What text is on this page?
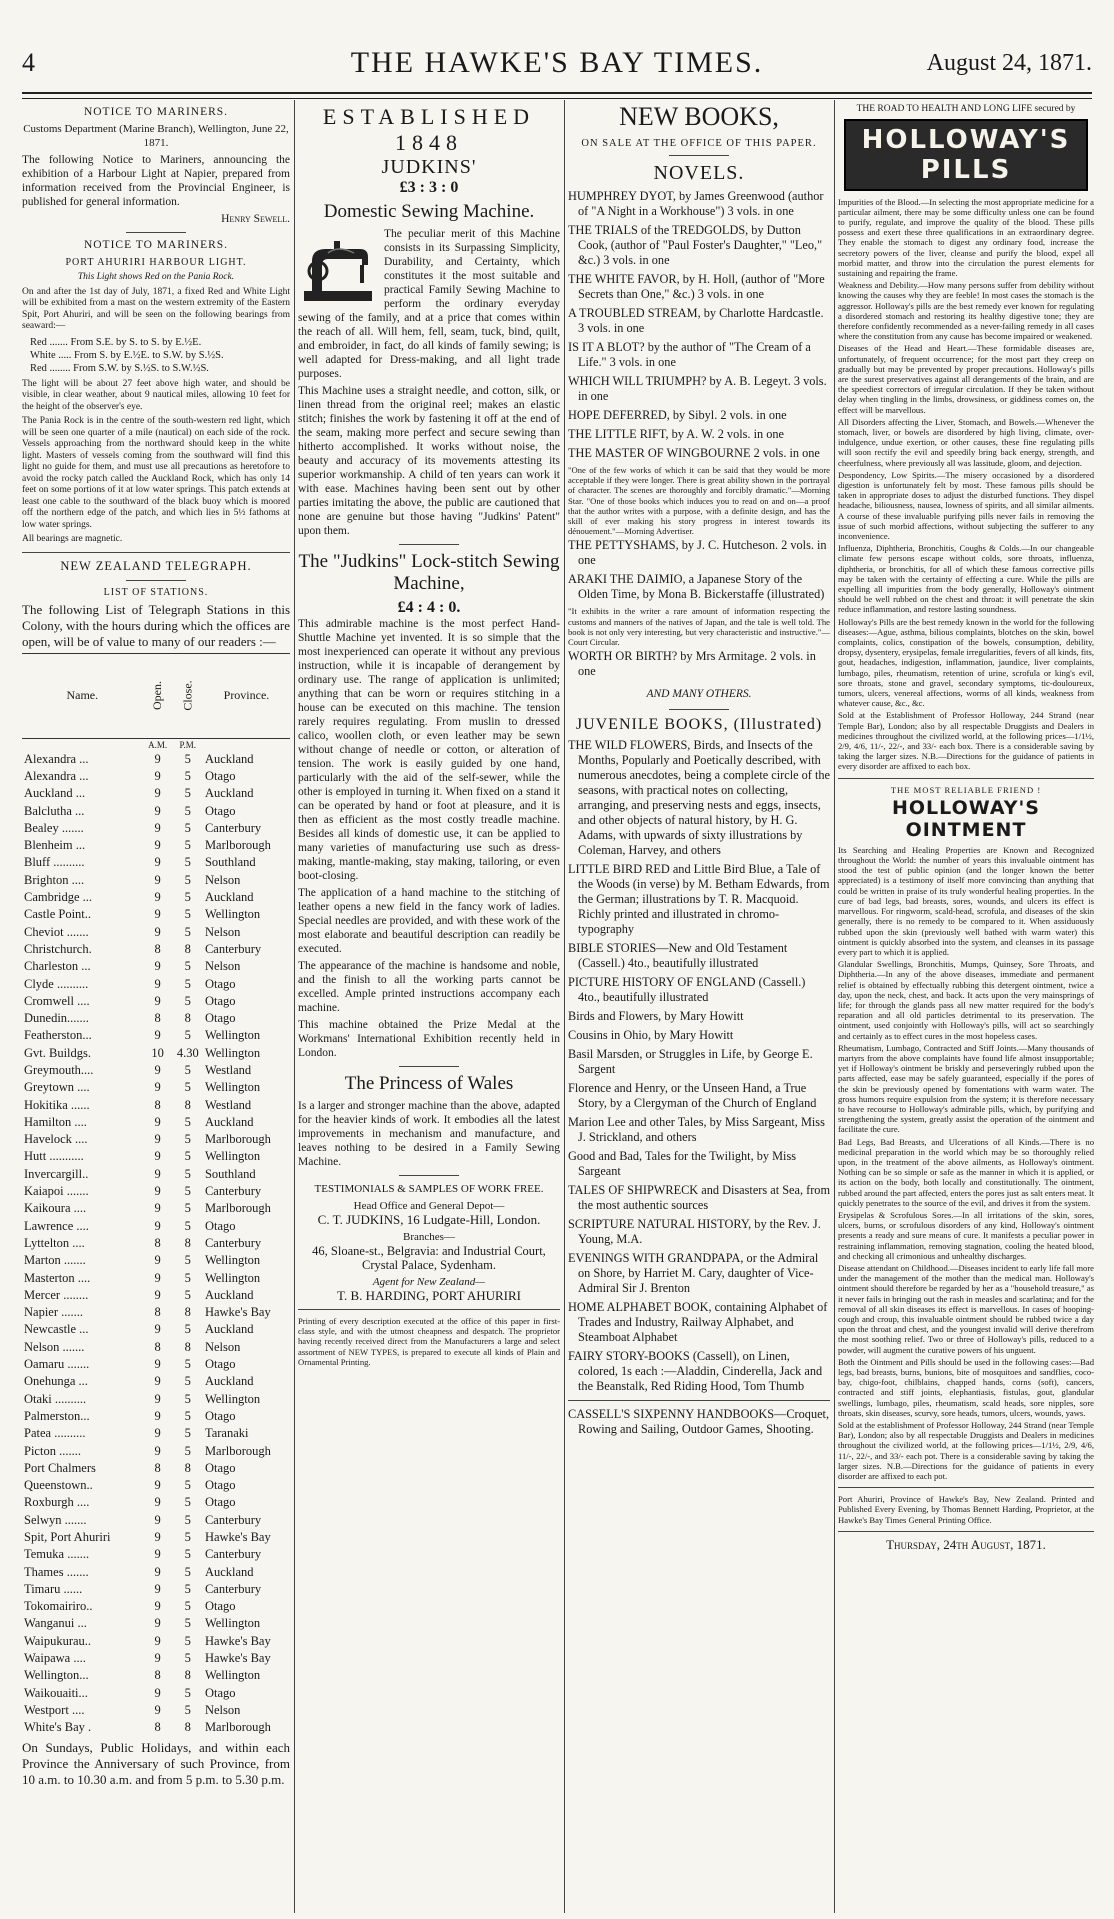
4	THE HAWKE'S BAY TIMES.	August 24, 1871.
NOTICE TO MARINERS.

Customs Department (Marine Branch), Wellington, June 22, 1871.

The following Notice to Mariners, announcing the exhibition of a Harbour Light at Napier, prepared from information received from the Provincial Engineer, is published for general information.

Henry Sewell.

NOTICE TO MARINERS.
PORT AHURIRI HARBOUR LIGHT.

This Light shows Red on the Pania Rock.

On and after the 1st day of July, 1871, a fixed Red and White Light will be exhibited from a mast on the western extremity of the Eastern Spit, Port Ahuriri, and will be seen on the following bearings from seaward:—

Red ....... From S.E. by S. to S. by E.½E.
White ..... From S. by E.½E. to S.W. by S.½S.
Red ........ From S.W. by S.½S. to S.W.½S.

The light will be about 27 feet above high water, and should be visible, in clear weather, about 9 nautical miles, allowing 10 feet for the height of the observer's eye.

The Pania Rock is in the centre of the south-western red light, which will be seen one quarter of a mile (nautical) on each side of the rock. Vessels approaching from the northward should keep in the white light. Masters of vessels coming from the southward will find this light no guide for them, and must use all precautions as heretofore to avoid the rocky patch called the Auckland Rock, which has only 14 feet on some portions of it at low water springs. This patch extends at least one cable to the southward of the black buoy which is moored off the northern edge of the patch, and which lies in 5½ fathoms at low water springs.

All bearings are magnetic.

NEW ZEALAND TELEGRAPH.
LIST OF STATIONS.

The following List of Telegraph Stations in this Colony, with the hours during which the offices are open, will be of value to many of our readers :—

Name.	Open.	Close.	Province.
	A.M.	P.M.	
Alexandra ...	9	5	Auckland
Alexandra ...	9	5	Otago
Auckland ...	9	5	Auckland
Balclutha ...	9	5	Otago
Bealey .......	9	5	Canterbury
Blenheim ...	9	5	Marlborough
Bluff ..........	9	5	Southland
Brighton ....	9	5	Nelson
Cambridge ...	9	5	Auckland
Castle Point..	9	5	Wellington
Cheviot .......	9	5	Nelson
Christchurch.	8	8	Canterbury
Charleston ...	9	5	Nelson
Clyde ..........	9	5	Otago
Cromwell ....	9	5	Otago
Dunedin.......	8	8	Otago
Featherston...	9	5	Wellington
Gvt. Buildgs.	10	4.30	Wellington
Greymouth....	9	5	Westland
Greytown ....	9	5	Wellington
Hokitika ......	8	8	Westland
Hamilton ....	9	5	Auckland
Havelock ....	9	5	Marlborough
Hutt ...........	9	5	Wellington
Invercargill..	9	5	Southland
Kaiapoi .......	9	5	Canterbury
Kaikoura ....	9	5	Marlborough
Lawrence ....	9	5	Otago
Lyttelton ....	8	8	Canterbury
Marton .......	9	5	Wellington
Masterton ....	9	5	Wellington
Mercer ........	9	5	Auckland
Napier .......	8	8	Hawke's Bay
Newcastle ...	9	5	Auckland
Nelson .......	8	8	Nelson
Oamaru .......	9	5	Otago
Onehunga ...	9	5	Auckland
Otaki ..........	9	5	Wellington
Palmerston...	9	5	Otago
Patea ..........	9	5	Taranaki
Picton .......	9	5	Marlborough
Port Chalmers	8	8	Otago
Queenstown..	9	5	Otago
Roxburgh ....	9	5	Otago
Selwyn .......	9	5	Canterbury
Spit, Port Ahuriri	9	5	Hawke's Bay
Temuka .......	9	5	Canterbury
Thames .......	9	5	Auckland
Timaru ......	9	5	Canterbury
Tokomairiro..	9	5	Otago
Wanganui ...	9	5	Wellington
Waipukurau..	9	5	Hawke's Bay
Waipawa ....	9	5	Hawke's Bay
Wellington...	8	8	Wellington
Waikouaiti...	9	5	Otago
Westport ....	9	5	Nelson
White's Bay .	8	8	Marlborough

On Sundays, Public Holidays, and within each Province the Anniversary of such Province, from 10 a.m. to 10.30 a.m. and from 5 p.m. to 5.30 p.m.

ESTABLISHED 1848
JUDKINS'
£3 : 3 : 0
Domestic Sewing Machine.

The peculiar merit of this Machine consists in its Surpassing Simplicity, Durability, and Certainty, which constitutes it the most suitable and practical Family Sewing Machine to perform the ordinary everyday sewing of the family, and at a price that comes within the reach of all. Will hem, fell, seam, tuck, bind, quilt, and embroider, in fact, do all kinds of family sewing; is well adapted for Dress-making, and all light trade purposes.

This Machine uses a straight needle, and cotton, silk, or linen thread from the original reel; makes an elastic stitch; finishes the work by fastening it off at the end of the seam, making more perfect and secure sewing than hitherto accomplished. It works without noise, the beauty and accuracy of its movements attesting its superior workmanship. A child of ten years can work it with ease. Machines having been sent out by other parties imitating the above, the public are cautioned that none are genuine but those having "Judkins' Patent" upon them.

The "Judkins" Lock-stitch Sewing Machine,
£4 : 4 : 0.

This admirable machine is the most perfect Hand-Shuttle Machine yet invented. It is so simple that the most inexperienced can operate it without any previous instruction, while it is incapable of derangement by ordinary use. The range of application is unlimited; anything that can be worn or requires stitching in a house can be executed on this machine. The tension rarely requires regulating. From muslin to dressed calico, woollen cloth, or even leather may be sewn without change of needle or cotton, or alteration of tension. The work is easily guided by one hand, particularly with the aid of the self-sewer, while the other is employed in turning it. When fixed on a stand it can be operated by hand or foot at pleasure, and it is then as efficient as the most costly treadle machine. Besides all kinds of domestic use, it can be applied to many varieties of manufacturing use such as dress-making, mantle-making, stay making, tailoring, or even boot-closing.

The application of a hand machine to the stitching of leather opens a new field in the fancy work of ladies. Special needles are provided, and with these work of the most elaborate and beautiful description can readily be executed.

The appearance of the machine is handsome and noble, and the finish to all the working parts cannot be excelled. Ample printed instructions accompany each machine.

This machine obtained the Prize Medal at the Workmans' International Exhibition recently held in London.

The Princess of Wales

Is a larger and stronger machine than the above, adapted for the heavier kinds of work. It embodies all the latest improvements in mechanism and manufacture, and leaves nothing to be desired in a Family Sewing Machine.

TESTIMONIALS & SAMPLES OF WORK FREE.

Head Office and General Depot—

C. T. JUDKINS, 16 Ludgate-Hill, London.

Branches—

46, Sloane-st., Belgravia: and Industrial Court, Crystal Palace, Sydenham.

Agent for New Zealand—

T. B. HARDING, PORT AHURIRI

Printing of every description executed at the office of this paper in first-class style, and with the utmost cheapness and despatch. The proprietor having recently received direct from the Manufacturers a large and select assortment of NEW TYPES, is prepared to execute all kinds of Plain and Ornamental Printing.

NEW BOOKS,
ON SALE AT THE OFFICE OF THIS PAPER.
NOVELS.

HUMPHREY DYOT, by James Greenwood (author of "A Night in a Workhouse") 3 vols. in one

THE TRIALS of the TREDGOLDS, by Dutton Cook, (author of "Paul Foster's Daughter," "Leo," &c.) 3 vols. in one

THE WHITE FAVOR, by H. Holl, (author of "More Secrets than One," &c.) 3 vols. in one

A TROUBLED STREAM, by Charlotte Hardcastle. 3 vols. in one

IS IT A BLOT? by the author of "The Cream of a Life." 3 vols. in one

WHICH WILL TRIUMPH? by A. B. Legeyt. 3 vols. in one

HOPE DEFERRED, by Sibyl. 2 vols. in one

THE LITTLE RIFT, by A. W. 2 vols. in one

THE MASTER OF WINGBOURNE 2 vols. in one

"One of the few works of which it can be said that they would be more acceptable if they were longer. There is great ability shown in the portrayal of character. The scenes are thoroughly and forcibly dramatic."—Morning Star. "One of those books which induces you to read on and on—a proof that the author writes with a purpose, with a definite design, and has the skill of ever making his story progress in interest towards its dénouement."—Morning Advertiser.

THE PETTYSHAMS, by J. C. Hutcheson. 2 vols. in one

ARAKI THE DAIMIO, a Japanese Story of the Olden Time, by Mona B. Bickerstaffe (illustrated)

"It exhibits in the writer a rare amount of information respecting the customs and manners of the natives of Japan, and the tale is well told. The book is not only very interesting, but very characteristic and instructive."—Court Circular.

WORTH OR BIRTH? by Mrs Armitage. 2 vols. in one

AND MANY OTHERS.

JUVENILE BOOKS, (Illustrated)

THE WILD FLOWERS, Birds, and Insects of the Months, Popularly and Poetically described, with numerous anecdotes, being a complete circle of the seasons, with practical notes on collecting, arranging, and preserving nests and eggs, insects, and other objects of natural history, by H. G. Adams, with upwards of sixty illustrations by Coleman, Harvey, and others

LITTLE BIRD RED and Little Bird Blue, a Tale of the Woods (in verse) by M. Betham Edwards, from the German; illustrations by T. R. Macquoid. Richly printed and illustrated in chromo-typography

BIBLE STORIES—New and Old Testament (Cassell.) 4to., beautifully illustrated

PICTURE HISTORY OF ENGLAND (Cassell.) 4to., beautifully illustrated

Birds and Flowers, by Mary Howitt

Cousins in Ohio, by Mary Howitt

Basil Marsden, or Struggles in Life, by George E. Sargent

Florence and Henry, or the Unseen Hand, a True Story, by a Clergyman of the Church of England

Marion Lee and other Tales, by Miss Sargeant, Miss J. Strickland, and others

Good and Bad, Tales for the Twilight, by Miss Sargeant

TALES OF SHIPWRECK and Disasters at Sea, from the most authentic sources

SCRIPTURE NATURAL HISTORY, by the Rev. J. Young, M.A.

EVENINGS WITH GRANDPAPA, or the Admiral on Shore, by Harriet M. Cary, daughter of Vice-Admiral Sir J. Brenton

HOME ALPHABET BOOK, containing Alphabet of Trades and Industry, Railway Alphabet, and Steamboat Alphabet

FAIRY STORY-BOOKS (Cassell), on Linen, colored, 1s each :—Aladdin, Cinderella, Jack and the Beanstalk, Red Riding Hood, Tom Thumb

CASSELL'S SIXPENNY HANDBOOKS—Croquet, Rowing and Sailing, Outdoor Games, Shooting.

THE ROAD TO HEALTH AND LONG LIFE secured by

HOLLOWAY'S PILLS

Impurities of the Blood.—In selecting the most appropriate medicine for a particular ailment, there may be some difficulty unless one can be found to purify, regulate, and improve the quality of the blood. These pills possess and exert these three qualifications in an extraordinary degree. They enable the stomach to digest any ordinary food, increase the secretory powers of the liver, cleanse and purify the blood, expel all morbid matter, and throw into the circulation the purest elements for sustaining and repairing the frame.

Weakness and Debility.—How many persons suffer from debility without knowing the causes why they are feeble! In most cases the stomach is the aggressor. Holloway's pills are the best remedy ever known for regulating a disordered stomach and restoring its healthy digestive tone; they are therefore confidently recommended as a never-failing remedy in all cases where the constitution from any cause has become impaired or weakened.

Diseases of the Head and Heart.—These formidable diseases are, unfortunately, of frequent occurrence; for the most part they creep on gradually but may be prevented by proper precautions. Holloway's pills are the surest preservatives against all derangements of the brain, and are the speediest correctors of irregular circulation. If they be taken without delay when tingling in the limbs, drowsiness, or giddiness comes on, the effect will be marvellous.

All Disorders affecting the Liver, Stomach, and Bowels.—Whenever the stomach, liver, or bowels are disordered by high living, climate, over-indulgence, undue exertion, or other causes, these fine regulating pills will soon rectify the evil and speedily bring back energy, strength, and cheerfulness, where previously all was lassitude, gloom, and dejection.

Despondency, Low Spirits.—The misery occasioned by a disordered digestion is unfortunately felt by most. These famous pills should be taken in appropriate doses to adjust the disturbed functions. They dispel headache, biliousness, nausea, lowness of spirits, and all similar ailments. A course of these invaluable purifying pills never fails in removing the issue of such morbid affections, without subjecting the sufferer to any inconvenience.

Influenza, Diphtheria, Bronchitis, Coughs & Colds.—In our changeable climate few persons escape without colds, sore throats, influenza, diphtheria, or bronchitis, for all of which these famous corrective pills may be taken with the certainty of effecting a cure. While the pills are expelling all impurities from the body generally, Holloway's ointment should be well rubbed on the chest and throat: it will penetrate the skin reduce inflammation, and restore lasting soundness.

Holloway's Pills are the best remedy known in the world for the following diseases:—Ague, asthma, bilious complaints, blotches on the skin, bowel complaints, colics, constipation of the bowels, consumption, debility, dropsy, dysentery, erysipelas, female irregularities, fevers of all kinds, fits, gout, headaches, indigestion, inflammation, jaundice, liver complaints, lumbago, piles, rheumatism, retention of urine, scrofula or king's evil, sore throats, stone and gravel, secondary symptoms, tic-douloureux, tumors, ulcers, venereal affections, worms of all kinds, weakness from whatever cause, &c., &c.

Sold at the Establishment of Professor Holloway, 244 Strand (near Temple Bar), London; also by all respectable Druggists and Dealers in medicines throughout the civilized world, at the following prices—1/1½, 2/9, 4/6, 11/-, 22/-, and 33/- each box. There is a considerable saving by taking the larger sizes. N.B.—Directions for the guidance of patients in every disorder are affixed to each box.

THE MOST RELIABLE FRIEND !

HOLLOWAY'S OINTMENT

Its Searching and Healing Properties are Known and Recognized throughout the World: the number of years this invaluable ointment has stood the test of public opinion (and the longer known the better appreciated) is a testimony of itself more convincing than anything that could be written in praise of its truly wonderful healing properties. In the cure of bad legs, bad breasts, sores, wounds, and ulcers its effect is marvellous. For ringworm, scald-head, scrofula, and diseases of the skin generally, there is no remedy to be compared to it. When assiduously rubbed upon the skin (previously well bathed with warm water) this ointment is quickly absorbed into the system, and cleanses in its passage every part to which it is applied.

Glandular Swellings, Bronchitis, Mumps, Quinsey, Sore Throats, and Diphtheria.—In any of the above diseases, immediate and permanent relief is obtained by effectually rubbing this detergent ointment, twice a day, upon the neck, chest, and back. It acts upon the very mainsprings of life; for through the glands pass all new matter required for the body's reparation and all old particles detrimental to its preservation. The ointment, used conjointly with Holloway's pills, will act so searchingly and certainly as to effect cures in the most hopeless cases.

Rheumatism, Lumbago, Contracted and Stiff Joints.—Many thousands of martyrs from the above complaints have found life almost insupportable; yet if Holloway's ointment be briskly and perseveringly rubbed upon the parts affected, ease may be safely guaranteed, especially if the pores of the skin be previously opened by fomentations with warm water. The gross humors require expulsion from the system; it is therefore necessary to have recourse to Holloway's admirable pills, which, by purifying and strengthening the system, greatly assist the operation of the ointment and facilitate the cure.

Bad Legs, Bad Breasts, and Ulcerations of all Kinds.—There is no medicinal preparation in the world which may be so thoroughly relied upon, in the treatment of the above ailments, as Holloway's ointment. Nothing can be so simple or safe as the manner in which it is applied, or its action on the body, both locally and constitutionally. The ointment, rubbed around the part affected, enters the pores just as salt enters meat. It quickly penetrates to the source of the evil, and drives it from the system.

Erysipelas & Scrofulous Sores.—In all irritations of the skin, sores, ulcers, burns, or scrofulous disorders of any kind, Holloway's ointment presents a ready and sure means of cure. It manifests a peculiar power in restraining inflammation, removing stagnation, cooling the heated blood, and checking all crimonious and unhealthy discharges.

Disease attendant on Childhood.—Diseases incident to early life fall more under the management of the mother than the medical man. Holloway's ointment should therefore be regarded by her as a "household treasure," as it never fails in bringing out the rash in measles and scarlatina; and for the removal of all skin diseases its effect is marvellous. In cases of hooping-cough and croup, this invaluable ointment should be rubbed twice a day upon the throat and chest, and the youngest invalid will derive therefrom the most soothing relief. Two or three of Holloway's pills, reduced to a powder, will augment the curative powers of his unguent.

Both the Ointment and Pills should be used in the following cases:—Bad legs, bad breasts, burns, bunions, bite of mosquitoes and sandflies, coco-bay, chigo-foot, chilblains, chapped hands, corns (soft), cancers, contracted and stiff joints, elephantiasis, fistulas, gout, glandular swellings, lumbago, piles, rheumatism, scald heads, sore nipples, sore throats, skin diseases, scurvy, sore heads, tumors, ulcers, wounds, yaws.

Sold at the establishment of Professor Holloway, 244 Strand (near Temple Bar), London; also by all respectable Druggists and Dealers in medicines throughout the civilized world, at the following prices—1/1½, 2/9, 4/6, 11/-, 22/-, and 33/- each pot. There is a considerable saving by taking the larger sizes. N.B.—Directions for the guidance of patients in every disorder are affixed to each pot.

Port Ahuriri, Province of Hawke's Bay, New Zealand. Printed and Published Every Evening, by Thomas Bennett Harding, Proprietor, at the Hawke's Bay Times General Printing Office.

Thursday, 24th August, 1871.
